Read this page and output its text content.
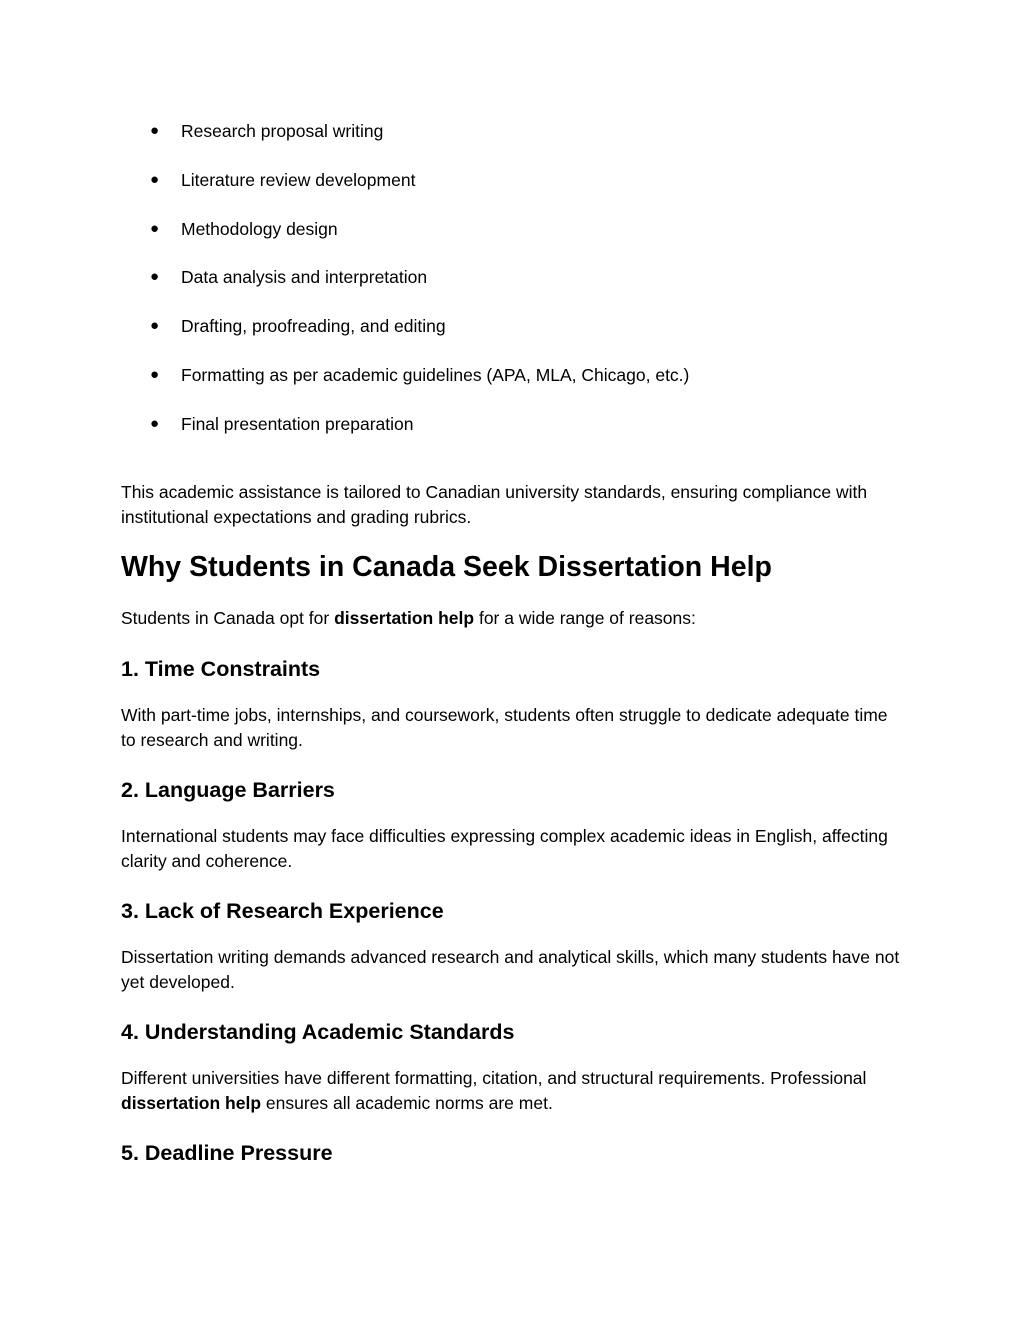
● Research proposal writing
● Literature review development
● Methodology design
● Data analysis and interpretation
● Drafting, proofreading, and editing
● Formatting as per academic guidelines (APA, MLA, Chicago, etc.)
● Final presentation preparation

This academic assistance is tailored to Canadian university standards, ensuring compliance with institutional expectations and grading rubrics.

Why Students in Canada Seek Dissertation Help

Students in Canada opt for dissertation help for a wide range of reasons:

1. Time Constraints

With part-time jobs, internships, and coursework, students often struggle to dedicate adequate time to research and writing.

2. Language Barriers

International students may face difficulties expressing complex academic ideas in English, affecting clarity and coherence.

3. Lack of Research Experience

Dissertation writing demands advanced research and analytical skills, which many students have not yet developed.

4. Understanding Academic Standards

Different universities have different formatting, citation, and structural requirements. Professional dissertation help ensures all academic norms are met.

5. Deadline Pressure
